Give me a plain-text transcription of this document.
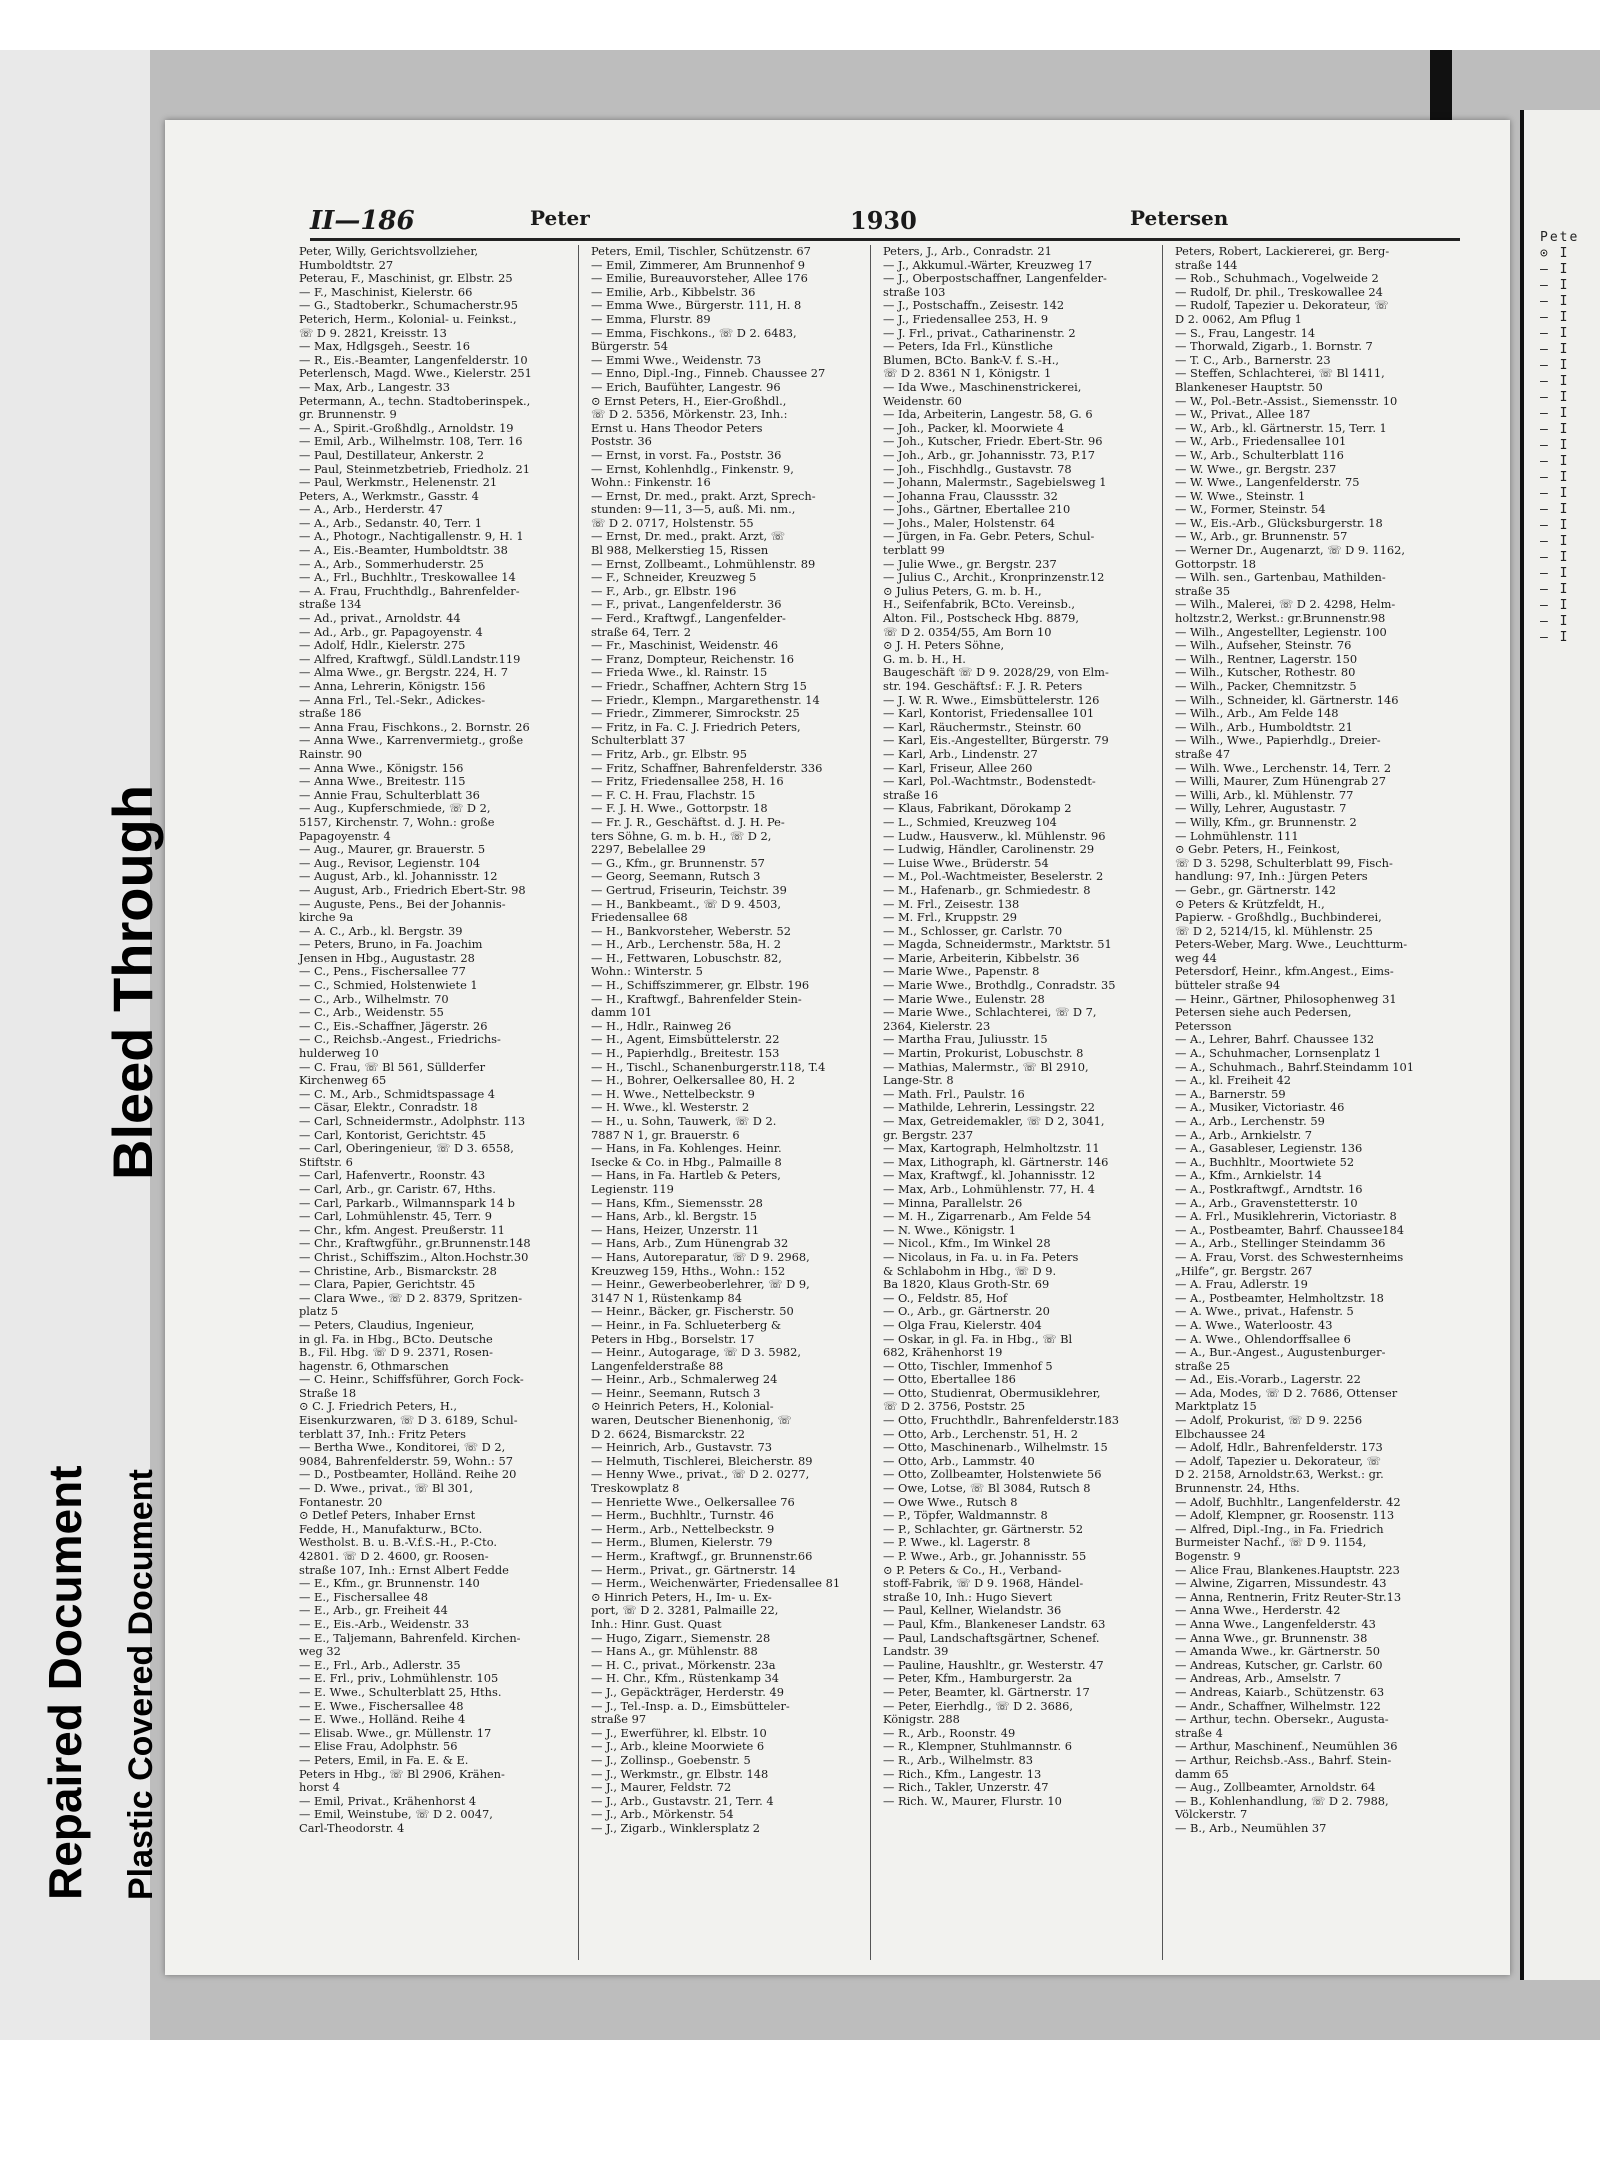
Repaired Document Plastic Covered Document
Bleed Through
II—186	Peter	1930	Petersen
Peter, Willy, Gerichtsvollzieher,
Humboldtstr. 27
Peterau, F., Maschinist, gr. Elbstr. 25
— F., Maschinist, Kielerstr. 66
— G., Stadtoberkr., Schumacherstr.95
Peterich, Herm., Kolonial- u. Feinkst.,
☏ D 9. 2821, Kreisstr. 13
— Max, Hdlgsgeh., Seestr. 16
— R., Eis.-Beamter, Langenfelderstr. 10
Peterlensch, Magd. Wwe., Kielerstr. 251
— Max, Arb., Langestr. 33
Petermann, A., techn. Stadtoberinspek.,
gr. Brunnenstr. 9
— A., Spirit.-Großhdlg., Arnoldstr. 19
— Emil, Arb., Wilhelmstr. 108, Terr. 16
— Paul, Destillateur, Ankerstr. 2
— Paul, Steinmetzbetrieb, Friedholz. 21
— Paul, Werkmstr., Helenenstr. 21
Peters, A., Werkmstr., Gasstr. 4
— A., Arb., Herderstr. 47
— A., Arb., Sedanstr. 40, Terr. 1
— A., Photogr., Nachtigallenstr. 9, H. 1
— A., Eis.-Beamter, Humboldtstr. 38
— A., Arb., Sommerhuderstr. 25
— A., Frl., Buchhltr., Treskowallee 14
— A. Frau, Fruchthdlg., Bahrenfelder-
straße 134
— Ad., privat., Arnoldstr. 44
— Ad., Arb., gr. Papagoyenstr. 4
— Adolf, Hdlr., Kielerstr. 275
— Alfred, Kraftwgf., Süldl.Landstr.119
— Alma Wwe., gr. Bergstr. 224, H. 7
— Anna, Lehrerin, Königstr. 156
— Anna Frl., Tel.-Sekr., Adickes-
straße 186
— Anna Frau, Fischkons., 2. Bornstr. 26
— Anna Wwe., Karrenvermietg., große
Rainstr. 90
— Anna Wwe., Königstr. 156
— Anna Wwe., Breitestr. 115
— Annie Frau, Schulterblatt 36
— Aug., Kupferschmiede, ☏ D 2,
5157, Kirchenstr. 7, Wohn.: große
Papagoyenstr. 4
— Aug., Maurer, gr. Brauerstr. 5
— Aug., Revisor, Legienstr. 104
— August, Arb., kl. Johannisstr. 12
— August, Arb., Friedrich Ebert-Str. 98
— Auguste, Pens., Bei der Johannis-
kirche 9a
— A. C., Arb., kl. Bergstr. 39
— Peters, Bruno, in Fa. Joachim
Jensen in Hbg., Augustastr. 28
— C., Pens., Fischersallee 77
— C., Schmied, Holstenwiete 1
— C., Arb., Wilhelmstr. 70
— C., Arb., Weidenstr. 55
— C., Eis.-Schaffner, Jägerstr. 26
— C., Reichsb.-Angest., Friedrichs-
hulderweg 10
— C. Frau, ☏ Bl 561, Süllderfer
Kirchenweg 65
— C. M., Arb., Schmidtspassage 4
— Cäsar, Elektr., Conradstr. 18
— Carl, Schneidermstr., Adolphstr. 113
— Carl, Kontorist, Gerichtstr. 45
— Carl, Oberingenieur, ☏ D 3. 6558,
Stiftstr. 6
— Carl, Hafenvertr., Roonstr. 43
— Carl, Arb., gr. Caristr. 67, Hths.
— Carl, Parkarb., Wilmannspark 14 b
— Carl, Lohmühlenstr. 45, Terr. 9
— Chr., kfm. Angest. Preußerstr. 11
— Chr., Kraftwgführ., gr.Brunnenstr.148
— Christ., Schiffszim., Alton.Hochstr.30
— Christine, Arb., Bismarckstr. 28
— Clara, Papier, Gerichtstr. 45
— Clara Wwe., ☏ D 2. 8379, Spritzen-
platz 5
— Peters, Claudius, Ingenieur,
in gl. Fa. in Hbg., BCto. Deutsche
B., Fil. Hbg. ☏ D 9. 2371, Rosen-
hagenstr. 6, Othmarschen
— C. Heinr., Schiffsführer, Gorch Fock-
Straße 18
⊙ C. J. Friedrich Peters, H.,
Eisenkurzwaren, ☏ D 3. 6189, Schul-
terblatt 37, Inh.: Fritz Peters
— Bertha Wwe., Konditorei, ☏ D 2,
9084, Bahrenfelderstr. 59, Wohn.: 57
— D., Postbeamter, Holländ. Reihe 20
— D. Wwe., privat., ☏ Bl 301,
Fontanestr. 20
⊙ Detlef Peters, Inhaber Ernst
Fedde, H., Manufakturw., BCto.
Westholst. B. u. B.-V.f.S.-H., P.-Cto.
42801. ☏ D 2. 4600, gr. Roosen-
straße 107, Inh.: Ernst Albert Fedde
— E., Kfm., gr. Brunnenstr. 140
— E., Fischersallee 48
— E., Arb., gr. Freiheit 44
— E., Eis.-Arb., Weidenstr. 33
— E., Taljemann, Bahrenfeld. Kirchen-
weg 32
— E., Frl., Arb., Adlerstr. 35
— E. Frl., priv., Lohmühlenstr. 105
— E. Wwe., Schulterblatt 25, Hths.
— E. Wwe., Fischersallee 48
— E. Wwe., Holländ. Reihe 4
— Elisab. Wwe., gr. Müllenstr. 17
— Elise Frau, Adolphstr. 56
— Peters, Emil, in Fa. E. & E.
Peters in Hbg., ☏ Bl 2906, Krähen-
horst 4
— Emil, Privat., Krähenhorst 4
— Emil, Weinstube, ☏ D 2. 0047,
Carl-Theodorstr. 4
Peters, Emil, Tischler, Schützenstr. 67
— Emil, Zimmerer, Am Brunnenhof 9
— Emilie, Bureauvorsteher, Allee 176
— Emilie, Arb., Kibbelstr. 36
— Emma Wwe., Bürgerstr. 111, H. 8
— Emma, Flurstr. 89
— Emma, Fischkons., ☏ D 2. 6483,
Bürgerstr. 54
— Emmi Wwe., Weidenstr. 73
— Enno, Dipl.-Ing., Finneb. Chaussee 27
— Erich, Baufühter, Langestr. 96
⊙ Ernst Peters, H., Eier-Großhdl.,
☏ D 2. 5356, Mörkenstr. 23, Inh.:
Ernst u. Hans Theodor Peters
Poststr. 36
— Ernst, in vorst. Fa., Poststr. 36
— Ernst, Kohlenhdlg., Finkenstr. 9,
Wohn.: Finkenstr. 16
— Ernst, Dr. med., prakt. Arzt, Sprech-
stunden: 9—11, 3—5, auß. Mi. nm.,
☏ D 2. 0717, Holstenstr. 55
— Ernst, Dr. med., prakt. Arzt, ☏
Bl 988, Melkerstieg 15, Rissen
— Ernst, Zollbeamt., Lohmühlenstr. 89
— F., Schneider, Kreuzweg 5
— F., Arb., gr. Elbstr. 196
— F., privat., Langenfelderstr. 36
— Ferd., Kraftwgf., Langenfelder-
straße 64, Terr. 2
— Fr., Maschinist, Weidenstr. 46
— Franz, Dompteur, Reichenstr. 16
— Frieda Wwe., kl. Rainstr. 15
— Friedr., Schaffner, Achtern Strg 15
— Friedr., Klempn., Margarethenstr. 14
— Friedr., Zimmerer, Simrockstr. 25
— Fritz, in Fa. C. J. Friedrich Peters,
Schulterblatt 37
— Fritz, Arb., gr. Elbstr. 95
— Fritz, Schaffner, Bahrenfelderstr. 336
— Fritz, Friedensallee 258, H. 16
— F. C. H. Frau, Flachstr. 15
— F. J. H. Wwe., Gottorpstr. 18
— Fr. J. R., Geschäftst. d. J. H. Pe-
ters Söhne, G. m. b. H., ☏ D 2,
2297, Bebelallee 29
— G., Kfm., gr. Brunnenstr. 57
— Georg, Seemann, Rutsch 3
— Gertrud, Friseurin, Teichstr. 39
— H., Bankbeamt., ☏ D 9. 4503,
Friedensallee 68
— H., Bankvorsteher, Weberstr. 52
— H., Arb., Lerchenstr. 58a, H. 2
— H., Fettwaren, Lobuschstr. 82,
Wohn.: Winterstr. 5
— H., Schiffszimmerer, gr. Elbstr. 196
— H., Kraftwgf., Bahrenfelder Stein-
damm 101
— H., Hdlr., Rainweg 26
— H., Agent, Eimsbüttelerstr. 22
— H., Papierhdlg., Breitestr. 153
— H., Tischl., Schanenburgerstr.118, T.4
— H., Bohrer, Oelkersallee 80, H. 2
— H. Wwe., Nettelbeckstr. 9
— H. Wwe., kl. Westerstr. 2
— H., u. Sohn, Tauwerk, ☏ D 2.
7887 N 1, gr. Brauerstr. 6
— Hans, in Fa. Kohlenges. Heinr.
Isecke & Co. in Hbg., Palmaille 8
— Hans, in Fa. Hartleb & Peters,
Legienstr. 119
— Hans, Kfm., Siemensstr. 28
— Hans, Arb., kl. Bergstr. 15
— Hans, Heizer, Unzerstr. 11
— Hans, Arb., Zum Hünengrab 32
— Hans, Autoreparatur, ☏ D 9. 2968,
Kreuzweg 159, Hths., Wohn.: 152
— Heinr., Gewerbeoberlehrer, ☏ D 9,
3147 N 1, Rüstenkamp 84
— Heinr., Bäcker, gr. Fischerstr. 50
— Heinr., in Fa. Schlueterberg &
Peters in Hbg., Borselstr. 17
— Heinr., Autogarage, ☏ D 3. 5982,
Langenfelderstraße 88
— Heinr., Arb., Schmalerweg 24
— Heinr., Seemann, Rutsch 3
⊙ Heinrich Peters, H., Kolonial-
waren, Deutscher Bienenhonig, ☏
D 2. 6624, Bismarckstr. 22
— Heinrich, Arb., Gustavstr. 73
— Helmuth, Tischlerei, Bleicherstr. 89
— Henny Wwe., privat., ☏ D 2. 0277,
Treskowplatz 8
— Henriette Wwe., Oelkersallee 76
— Herm., Buchhltr., Turnstr. 46
— Herm., Arb., Nettelbeckstr. 9
— Herm., Blumen, Kielerstr. 79
— Herm., Kraftwgf., gr. Brunnenstr.66
— Herm., Privat., gr. Gärtnerstr. 14
— Herm., Weichenwärter, Friedensallee 81
⊙ Hinrich Peters, H., Im- u. Ex-
port, ☏ D 2. 3281, Palmaille 22,
Inh.: Hinr. Gust. Quast
— Hugo, Zigarr., Siemenstr. 28
— Hans A., gr. Mühlenstr. 88
— H. C., privat., Mörkenstr. 23a
— H. Chr., Kfm., Rüstenkamp 34
— J., Gepäckträger, Herderstr. 49
— J., Tel.-Insp. a. D., Eimsbütteler-
straße 97
— J., Ewerführer, kl. Elbstr. 10
— J., Arb., kleine Moorwiete 6
— J., Zollinsp., Goebenstr. 5
— J., Werkmstr., gr. Elbstr. 148
— J., Maurer, Feldstr. 72
— J., Arb., Gustavstr. 21, Terr. 4
— J., Arb., Mörkenstr. 54
— J., Zigarb., Winklersplatz 2
Peters, J., Arb., Conradstr. 21
— J., Akkumul.-Wärter, Kreuzweg 17
— J., Oberpostschaffner, Langenfelder-
straße 103
— J., Postschaffn., Zeisestr. 142
— J., Friedensallee 253, H. 9
— J. Frl., privat., Catharinenstr. 2
— Peters, Ida Frl., Künstliche
Blumen, BCto. Bank-V. f. S.-H.,
☏ D 2. 8361 N 1, Königstr. 1
— Ida Wwe., Maschinenstrickerei,
Weidenstr. 60
— Ida, Arbeiterin, Langestr. 58, G. 6
— Joh., Packer, kl. Moorwiete 4
— Joh., Kutscher, Friedr. Ebert-Str. 96
— Joh., Arb., gr. Johannisstr. 73, P.17
— Joh., Fischhdlg., Gustavstr. 78
— Johann, Malermstr., Sagebielsweg 1
— Johanna Frau, Claussstr. 32
— Johs., Gärtner, Ebertallee 210
— Johs., Maler, Holstenstr. 64
— Jürgen, in Fa. Gebr. Peters, Schul-
terblatt 99
— Julie Wwe., gr. Bergstr. 237
— Julius C., Archit., Kronprinzenstr.12
⊙ Julius Peters, G. m. b. H.,
H., Seifenfabrik, BCto. Vereinsb.,
Alton. Fil., Postscheck Hbg. 8879,
☏ D 2. 0354/55, Am Born 10
⊙ J. H. Peters Söhne,
G. m. b. H., H.
Baugeschäft ☏ D 9. 2028/29, von Elm-
str. 194. Geschäftsf.: F. J. R. Peters
— J. W. R. Wwe., Eimsbüttelerstr. 126
— Karl, Kontorist, Friedensallee 101
— Karl, Räuchermstr., Steinstr. 60
— Karl, Eis.-Angestellter, Bürgerstr. 79
— Karl, Arb., Lindenstr. 27
— Karl, Friseur, Allee 260
— Karl, Pol.-Wachtmstr., Bodenstedt-
straße 16
— Klaus, Fabrikant, Dörokamp 2
— L., Schmied, Kreuzweg 104
— Ludw., Hausverw., kl. Mühlenstr. 96
— Ludwig, Händler, Carolinenstr. 29
— Luise Wwe., Brüderstr. 54
— M., Pol.-Wachtmeister, Beselerstr. 2
— M., Hafenarb., gr. Schmiedestr. 8
— M. Frl., Zeisestr. 138
— M. Frl., Kruppstr. 29
— M., Schlosser, gr. Carlstr. 70
— Magda, Schneidermstr., Marktstr. 51
— Marie, Arbeiterin, Kibbelstr. 36
— Marie Wwe., Papenstr. 8
— Marie Wwe., Brothdlg., Conradstr. 35
— Marie Wwe., Eulenstr. 28
— Marie Wwe., Schlachterei, ☏ D 7,
2364, Kielerstr. 23
— Martha Frau, Juliusstr. 15
— Martin, Prokurist, Lobuschstr. 8
— Mathias, Malermstr., ☏ Bl 2910,
Lange-Str. 8
— Math. Frl., Paulstr. 16
— Mathilde, Lehrerin, Lessingstr. 22
— Max, Getreidemakler, ☏ D 2, 3041,
gr. Bergstr. 237
— Max, Kartograph, Helmholtzstr. 11
— Max, Lithograph, kl. Gärtnerstr. 146
— Max, Kraftwgf., kl. Johannisstr. 12
— Max, Arb., Lohmühlenstr. 77, H. 4
— Minna, Parallelstr. 26
— M. H., Zigarrenarb., Am Felde 54
— N. Wwe., Königstr. 1
— Nicol., Kfm., Im Winkel 28
— Nicolaus, in Fa. u. in Fa. Peters
& Schlabohm in Hbg., ☏ D 9.
Ba 1820, Klaus Groth-Str. 69
— O., Feldstr. 85, Hof
— O., Arb., gr. Gärtnerstr. 20
— Olga Frau, Kielerstr. 404
— Oskar, in gl. Fa. in Hbg., ☏ Bl
682, Krähenhorst 19
— Otto, Tischler, Immenhof 5
— Otto, Ebertallee 186
— Otto, Studienrat, Obermusiklehrer,
☏ D 2. 3756, Poststr. 25
— Otto, Fruchthdlr., Bahrenfelderstr.183
— Otto, Arb., Lerchenstr. 51, H. 2
— Otto, Maschinenarb., Wilhelmstr. 15
— Otto, Arb., Lammstr. 40
— Otto, Zollbeamter, Holstenwiete 56
— Owe, Lotse, ☏ Bl 3084, Rutsch 8
— Owe Wwe., Rutsch 8
— P., Töpfer, Waldmannstr. 8
— P., Schlachter, gr. Gärtnerstr. 52
— P. Wwe., kl. Lagerstr. 8
— P. Wwe., Arb., gr. Johannisstr. 55
⊙ P. Peters & Co., H., Verband-
stoff-Fabrik, ☏ D 9. 1968, Händel-
straße 10, Inh.: Hugo Sievert
— Paul, Kellner, Wielandstr. 36
— Paul, Kfm., Blankeneser Landstr. 63
— Paul, Landschaftsgärtner, Schenef.
Landstr. 39
— Pauline, Haushltr., gr. Westerstr. 47
— Peter, Kfm., Hamburgerstr. 2a
— Peter, Beamter, kl. Gärtnerstr. 17
— Peter, Eierhdlg., ☏ D 2. 3686,
Königstr. 288
— R., Arb., Roonstr. 49
— R., Klempner, Stuhlmannstr. 6
— R., Arb., Wilhelmstr. 83
— Rich., Kfm., Langestr. 13
— Rich., Takler, Unzerstr. 47
— Rich. W., Maurer, Flurstr. 10
Peters, Robert, Lackiererei, gr. Berg-
straße 144
— Rob., Schuhmach., Vogelweide 2
— Rudolf, Dr. phil., Treskowallee 24
— Rudolf, Tapezier u. Dekorateur, ☏
D 2. 0062, Am Pflug 1
— S., Frau, Langestr. 14
— Thorwald, Zigarb., 1. Bornstr. 7
— T. C., Arb., Barnerstr. 23
— Steffen, Schlachterei, ☏ Bl 1411,
Blankeneser Hauptstr. 50
— W., Pol.-Betr.-Assist., Siemensstr. 10
— W., Privat., Allee 187
— W., Arb., kl. Gärtnerstr. 15, Terr. 1
— W., Arb., Friedensallee 101
— W., Arb., Schulterblatt 116
— W. Wwe., gr. Bergstr. 237
— W. Wwe., Langenfelderstr. 75
— W. Wwe., Steinstr. 1
— W., Former, Steinstr. 54
— W., Eis.-Arb., Glücksburgerstr. 18
— W., Arb., gr. Brunnenstr. 57
— Werner Dr., Augenarzt, ☏ D 9. 1162,
Gottorpstr. 18
— Wilh. sen., Gartenbau, Mathilden-
straße 35
— Wilh., Malerei, ☏ D 2. 4298, Helm-
holtzstr.2, Werkst.: gr.Brunnenstr.98
— Wilh., Angestellter, Legienstr. 100
— Wilh., Aufseher, Steinstr. 76
— Wilh., Rentner, Lagerstr. 150
— Wilh., Kutscher, Rothestr. 80
— Wilh., Packer, Chemnitzstr. 5
— Wilh., Schneider, kl. Gärtnerstr. 146
— Wilh., Arb., Am Felde 148
— Wilh., Arb., Humboldtstr. 21
— Wilh., Wwe., Papierhdlg., Dreier-
straße 47
— Wilh. Wwe., Lerchenstr. 14, Terr. 2
— Willi, Maurer, Zum Hünengrab 27
— Willi, Arb., kl. Mühlenstr. 77
— Willy, Lehrer, Augustastr. 7
— Willy, Kfm., gr. Brunnenstr. 2
— Lohmühlenstr. 111
⊙ Gebr. Peters, H., Feinkost,
☏ D 3. 5298, Schulterblatt 99, Fisch-
handlung: 97, Inh.: Jürgen Peters
— Gebr., gr. Gärtnerstr. 142
⊙ Peters & Krützfeldt, H.,
Papierw. - Großhdlg., Buchbinderei,
☏ D 2, 5214/15, kl. Mühlenstr. 25
Peters-Weber, Marg. Wwe., Leuchtturm-
weg 44
Petersdorf, Heinr., kfm.Angest., Eims-
bütteler straße 94
— Heinr., Gärtner, Philosophenweg 31
Petersen siehe auch Pedersen,
Petersson
— A., Lehrer, Bahrf. Chaussee 132
— A., Schuhmacher, Lornsenplatz 1
— A., Schuhmach., Bahrf.Steindamm 101
— A., kl. Freiheit 42
— A., Barnerstr. 59
— A., Musiker, Victoriastr. 46
— A., Arb., Lerchenstr. 59
— A., Arb., Arnkielstr. 7
— A., Gasableser, Legienstr. 136
— A., Buchhltr., Moortwiete 52
— A., Kfm., Arnkielstr. 14
— A., Postkraftwgf., Arndtstr. 16
— A., Arb., Gravenstetterstr. 10
— A. Frl., Musiklehrerin, Victoriastr. 8
— A., Postbeamter, Bahrf. Chaussee184
— A., Arb., Stellinger Steindamm 36
— A. Frau, Vorst. des Schwesternheims
„Hilfe“, gr. Bergstr. 267
— A. Frau, Adlerstr. 19
— A., Postbeamter, Helmholtzstr. 18
— A. Wwe., privat., Hafenstr. 5
— A. Wwe., Waterloostr. 43
— A. Wwe., Ohlendorffsallee 6
— A., Bur.-Angest., Augustenburger-
straße 25
— Ad., Eis.-Vorarb., Lagerstr. 22
— Ada, Modes, ☏ D 2. 7686, Ottenser
Marktplatz 15
— Adolf, Prokurist, ☏ D 9. 2256
Elbchaussee 24
— Adolf, Hdlr., Bahrenfelderstr. 173
— Adolf, Tapezier u. Dekorateur, ☏
D 2. 2158, Arnoldstr.63, Werkst.: gr.
Brunnenstr. 24, Hths.
— Adolf, Buchhltr., Langenfelderstr. 42
— Adolf, Klempner, gr. Roosenstr. 113
— Alfred, Dipl.-Ing., in Fa. Friedrich
Burmeister Nachf., ☏ D 9. 1154,
Bogenstr. 9
— Alice Frau, Blankenes.Hauptstr. 223
— Alwine, Zigarren, Missundestr. 43
— Anna, Rentnerin, Fritz Reuter-Str.13
— Anna Wwe., Herderstr. 42
— Anna Wwe., Langenfelderstr. 43
— Anna Wwe., gr. Brunnenstr. 38
— Amanda Wwe., kr. Gärtnerstr. 50
— Andreas, Kutscher, gr. Carlstr. 60
— Andreas, Arb., Amselstr. 7
— Andreas, Kaiarb., Schützenstr. 63
— Andr., Schaffner, Wilhelmstr. 122
— Arthur, techn. Obersekr., Augusta-
straße 4
— Arthur, Maschinenf., Neumühlen 36
— Arthur, Reichsb.-Ass., Bahrf. Stein-
damm 65
— Aug., Zollbeamter, Arnoldstr. 64
— B., Kohlenhandlung, ☏ D 2. 7988,
Völckerstr. 7
— B., Arb., Neumühlen 37
Pete
⊙ I
— I
— I
— I
— I
— I
— I
— I
— I
— I
— I
— I
— I
— I
— I
— I
— I
— I
— I
— I
— I
— I
— I
— I
— I
